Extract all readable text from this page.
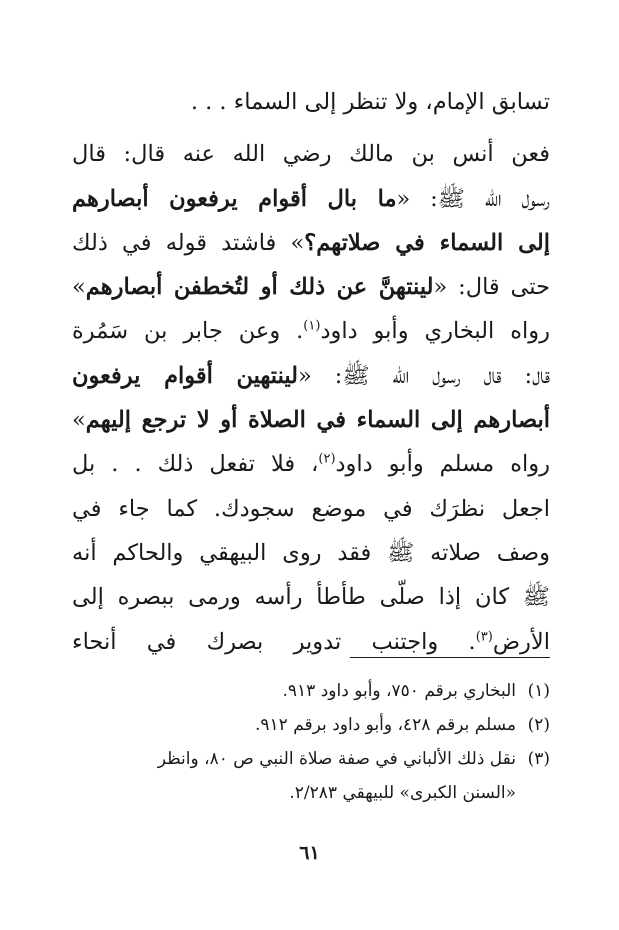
تسابق الإمام، ولا تنظر إلى السماء . . .
فعن أنس بن مالك رضي الله عنه قال: قال
رسول الله ﷺ: «ما بال أقوام يرفعون أبصارهم
إلى السماء في صلاتهم؟» فاشتد قوله في ذلك
حتى قال: «لينتهنَّ عن ذلك أو لتُخطفن أبصارهم»
رواه البخاري وأبو داود$^{(١)}$. وعن جابر بن سَمُرة
قال: قال رسول الله ﷺ: «لينتهين أقوام يرفعون
أبصارهم إلى السماء في الصلاة أو لا ترجع إليهم»
رواه مسلم وأبو داود$^{(٢)}$، فلا تفعل ذلك . . بل
اجعل نظرَك في موضع سجودك. كما جاء في
وصف صلاته ﷺ فقد روى البيهقي والحاكم أنه
ﷺ كان إذا صلّى طأطأ رأسه ورمى ببصره إلى
الأرض$^{(٣)}$. واجتنب تدوير بصرك في أنحاء
(١)
البخاري برقم ٧٥٠، وأبو داود ٩١٣.
(٢)
مسلم برقم ٤٢٨، وأبو داود برقم ٩١٢.
(٣)
نقل ذلك الألباني في صفة صلاة النبي ص ٨٠، وانظر
«السنن الكبرى» للبيهقي ٢/٢٨٣.
٦١
